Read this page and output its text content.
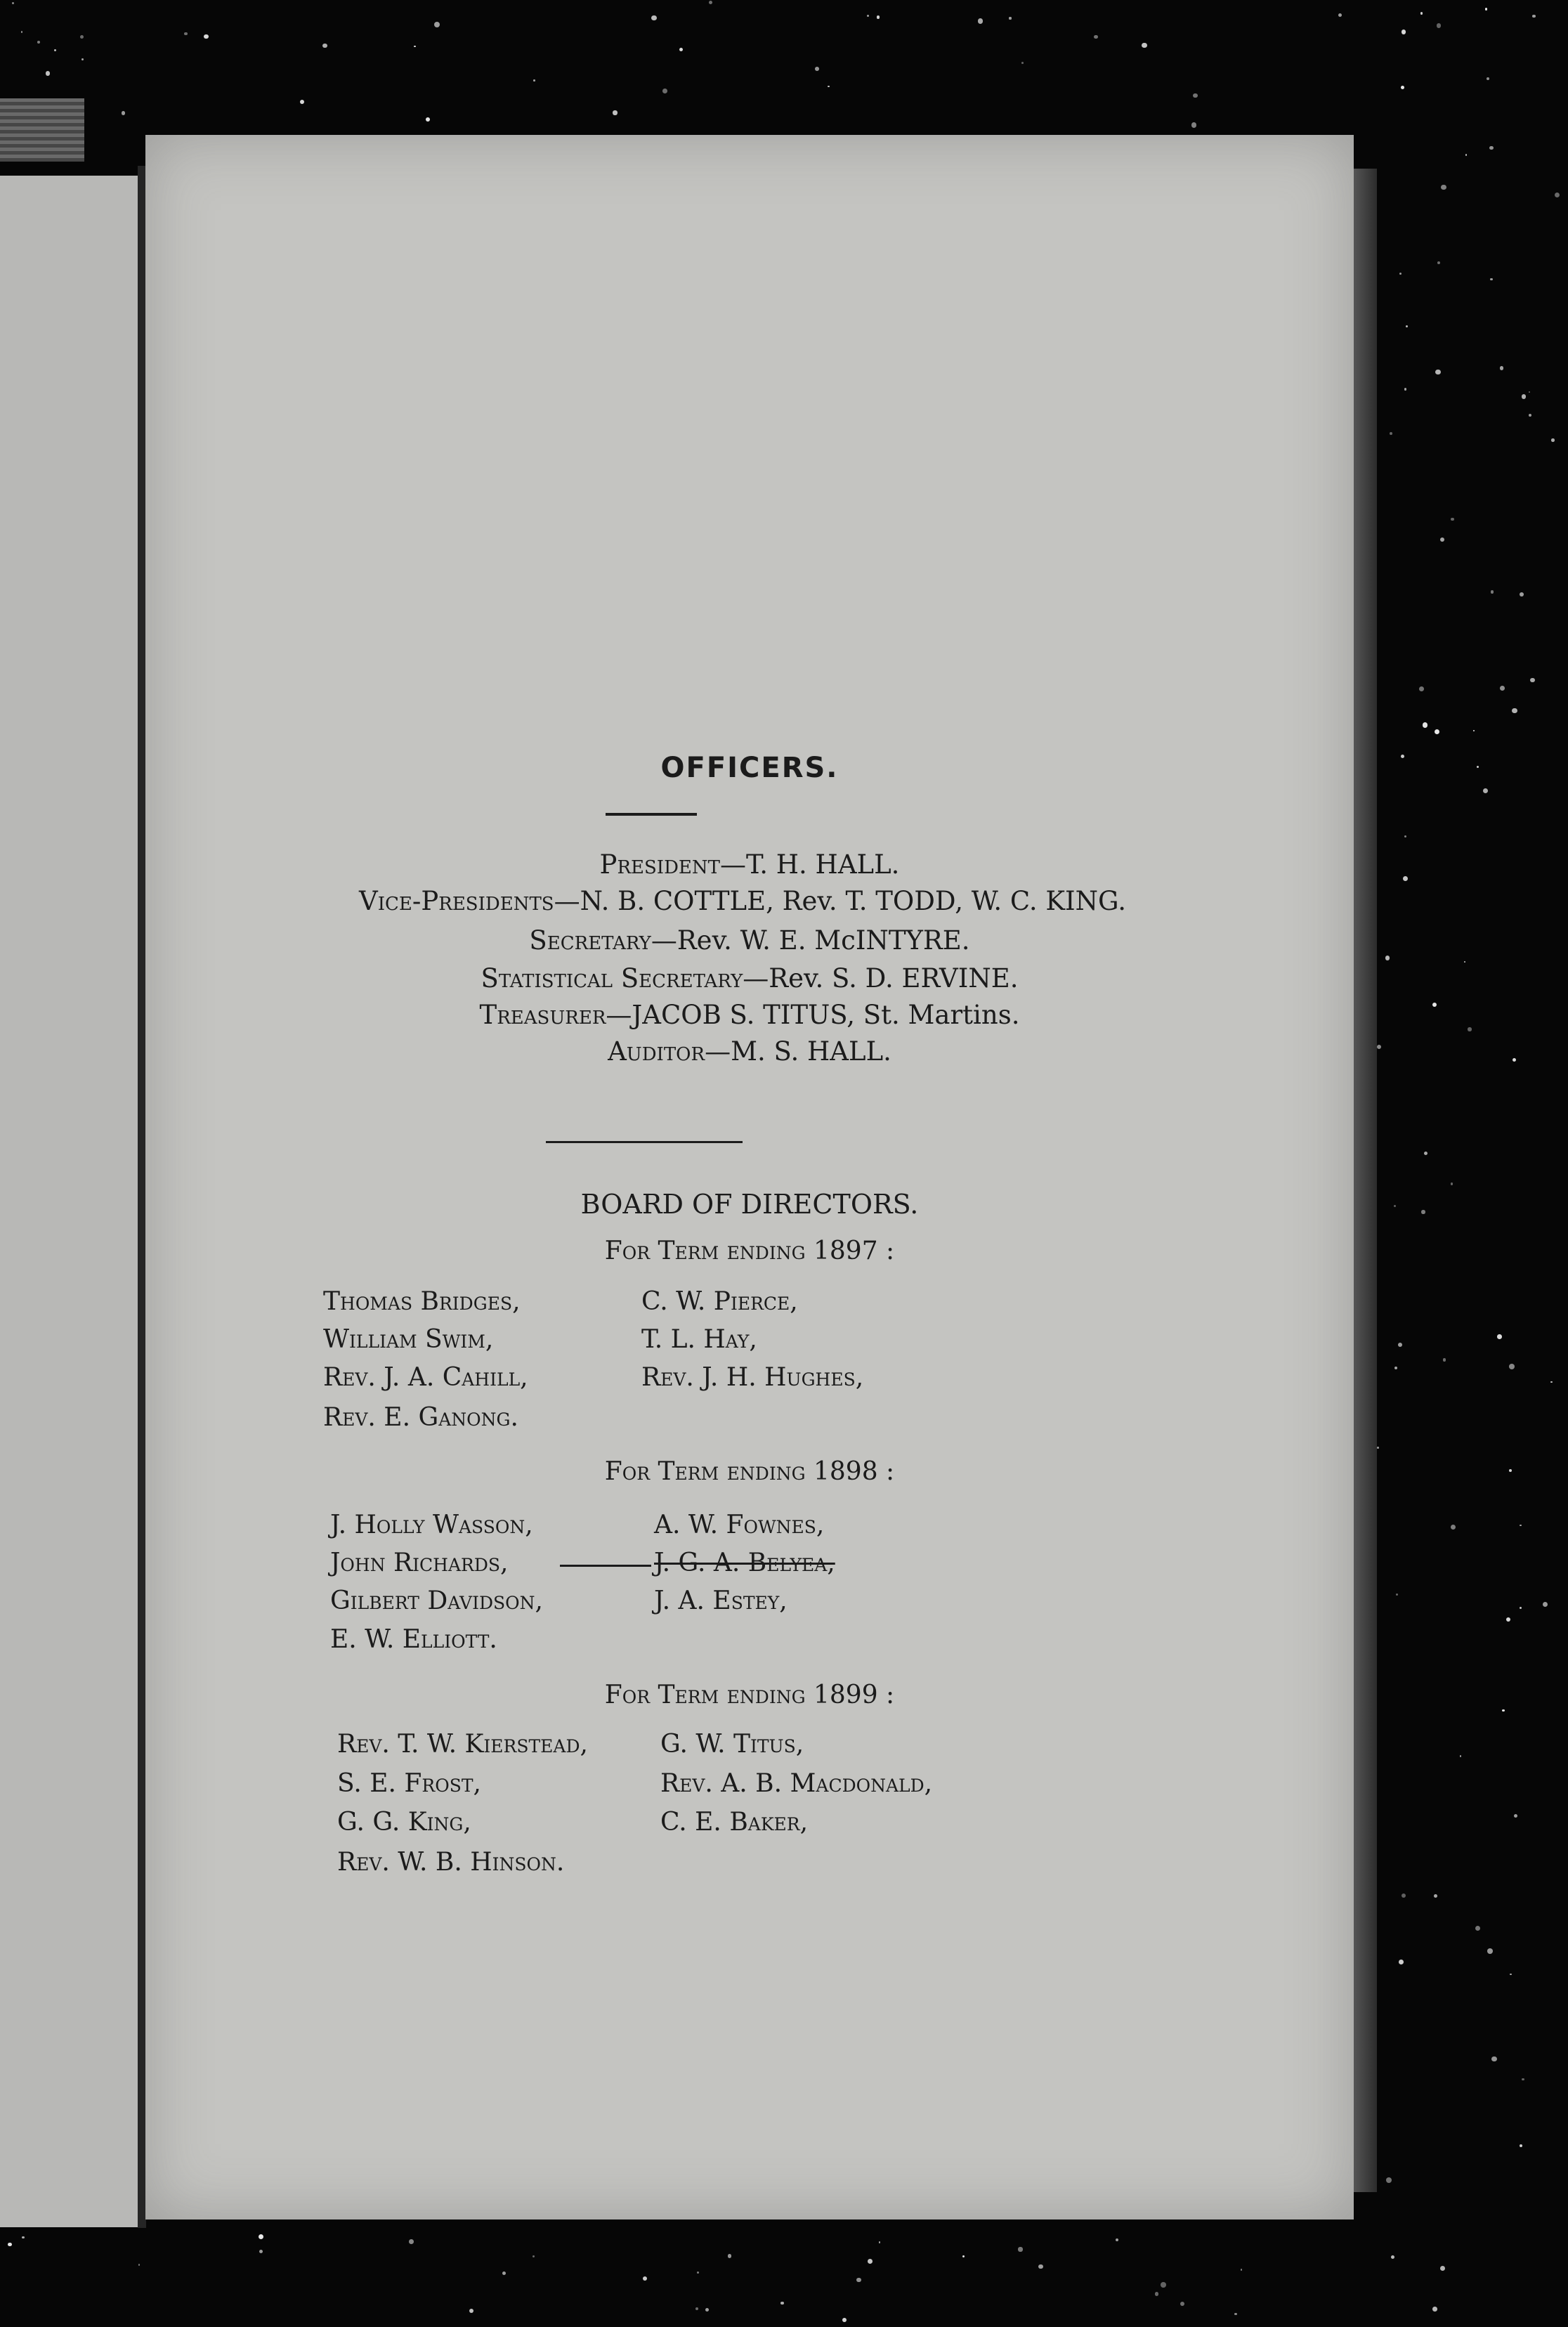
OFFICERS.
President—T. H. HALL.
Vice-Presidents—N. B. COTTLE, Rev. T. TODD, W. C. KING.
Secretary—Rev. W. E. McINTYRE.
Statistical Secretary—Rev. S. D. ERVINE.
Treasurer—JACOB S. TITUS, St. Martins.
Auditor—M. S. HALL.
BOARD OF DIRECTORS.
For Term ending 1897 :
Thomas Bridges,
William Swim,
Rev. J. A. Cahill,
Rev. E. Ganong.
C. W. Pierce,
T. L. Hay,
Rev. J. H. Hughes,
For Term ending 1898 :
J. Holly Wasson,
John Richards,
Gilbert Davidson,
E. W. Elliott.
A. W. Fownes,
J. G. A. Belyea,
J. A. Estey,
For Term ending 1899 :
Rev. T. W. Kierstead,
S. E. Frost,
G. G. King,
Rev. W. B. Hinson.
G. W. Titus,
Rev. A. B. Macdonald,
C. E. Baker,
